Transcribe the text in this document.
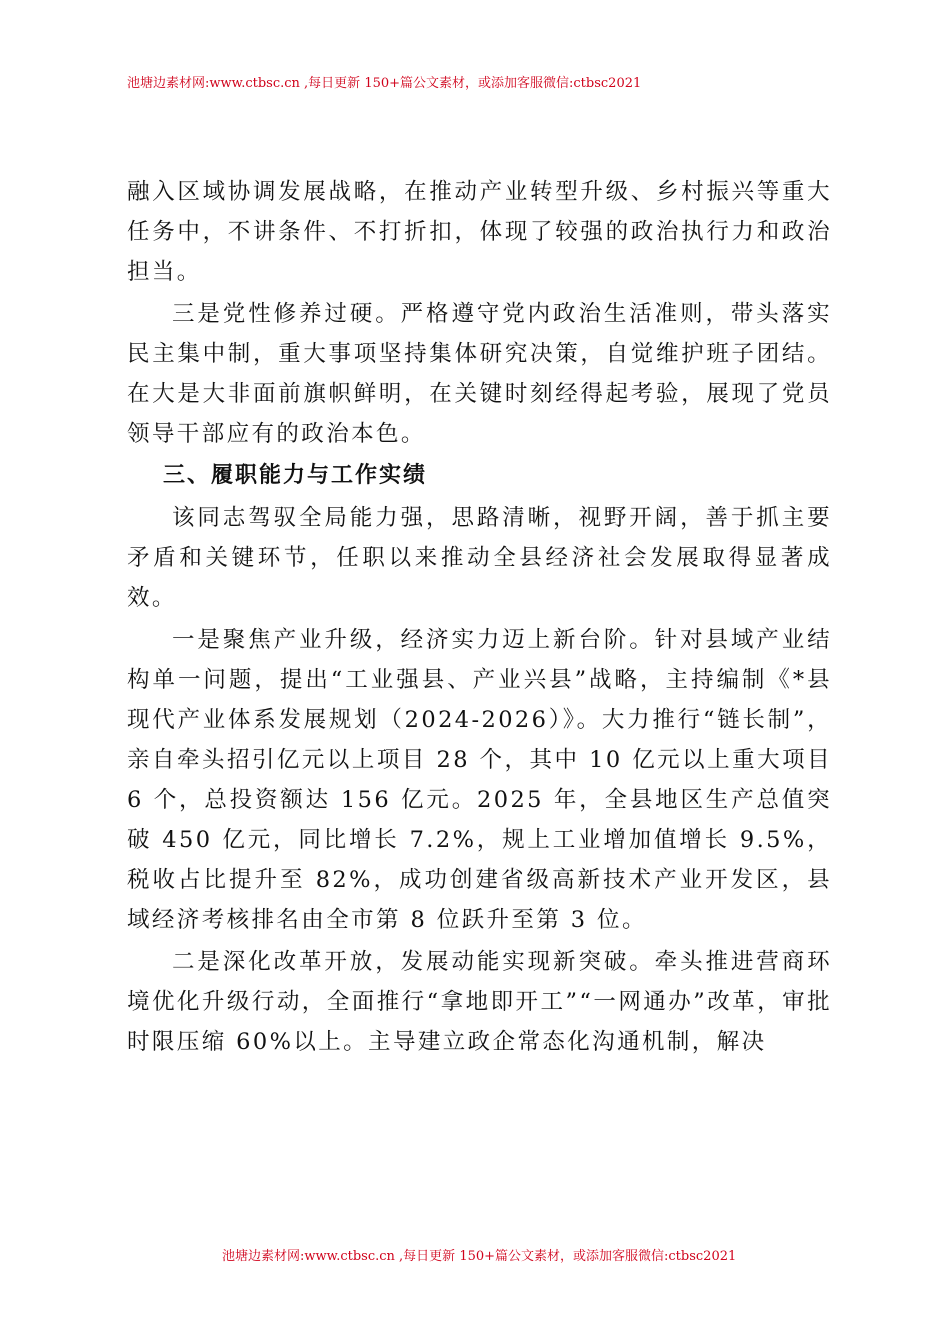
池塘边素材网:www.ctbsc.cn ,每日更新 150+篇公文素材，或添加客服微信:ctbsc2021

融入区域协调发展战略，在推动产业转型升级、乡村振兴等重大任务中，不讲条件、不打折扣，体现了较强的政治执行力和政治担当。

三是党性修养过硬。严格遵守党内政治生活准则，带头落实民主集中制，重大事项坚持集体研究决策，自觉维护班子团结。在大是大非面前旗帜鲜明，在关键时刻经得起考验，展现了党员领导干部应有的政治本色。

三、履职能力与工作实绩

该同志驾驭全局能力强，思路清晰，视野开阔，善于抓主要矛盾和关键环节，任职以来推动全县经济社会发展取得显著成效。

一是聚焦产业升级，经济实力迈上新台阶。针对县域产业结构单一问题，提出“工业强县、产业兴县”战略，主持编制《*县现代产业体系发展规划（2024-2026）》。大力推行“链长制”，亲自牵头招引亿元以上项目 28 个，其中 10 亿元以上重大项目 6 个，总投资额达 156 亿元。2025 年，全县地区生产总值突破 450 亿元，同比增长 7.2%，规上工业增加值增长 9.5%，税收占比提升至 82%，成功创建省级高新技术产业开发区，县域经济考核排名由全市第 8 位跃升至第 3 位。

二是深化改革开放，发展动能实现新突破。牵头推进营商环境优化升级行动，全面推行“拿地即开工”“一网通办”改革，审批时限压缩 60%以上。主导建立政企常态化沟通机制，解决

池塘边素材网:www.ctbsc.cn ,每日更新 150+篇公文素材，或添加客服微信:ctbsc2021
